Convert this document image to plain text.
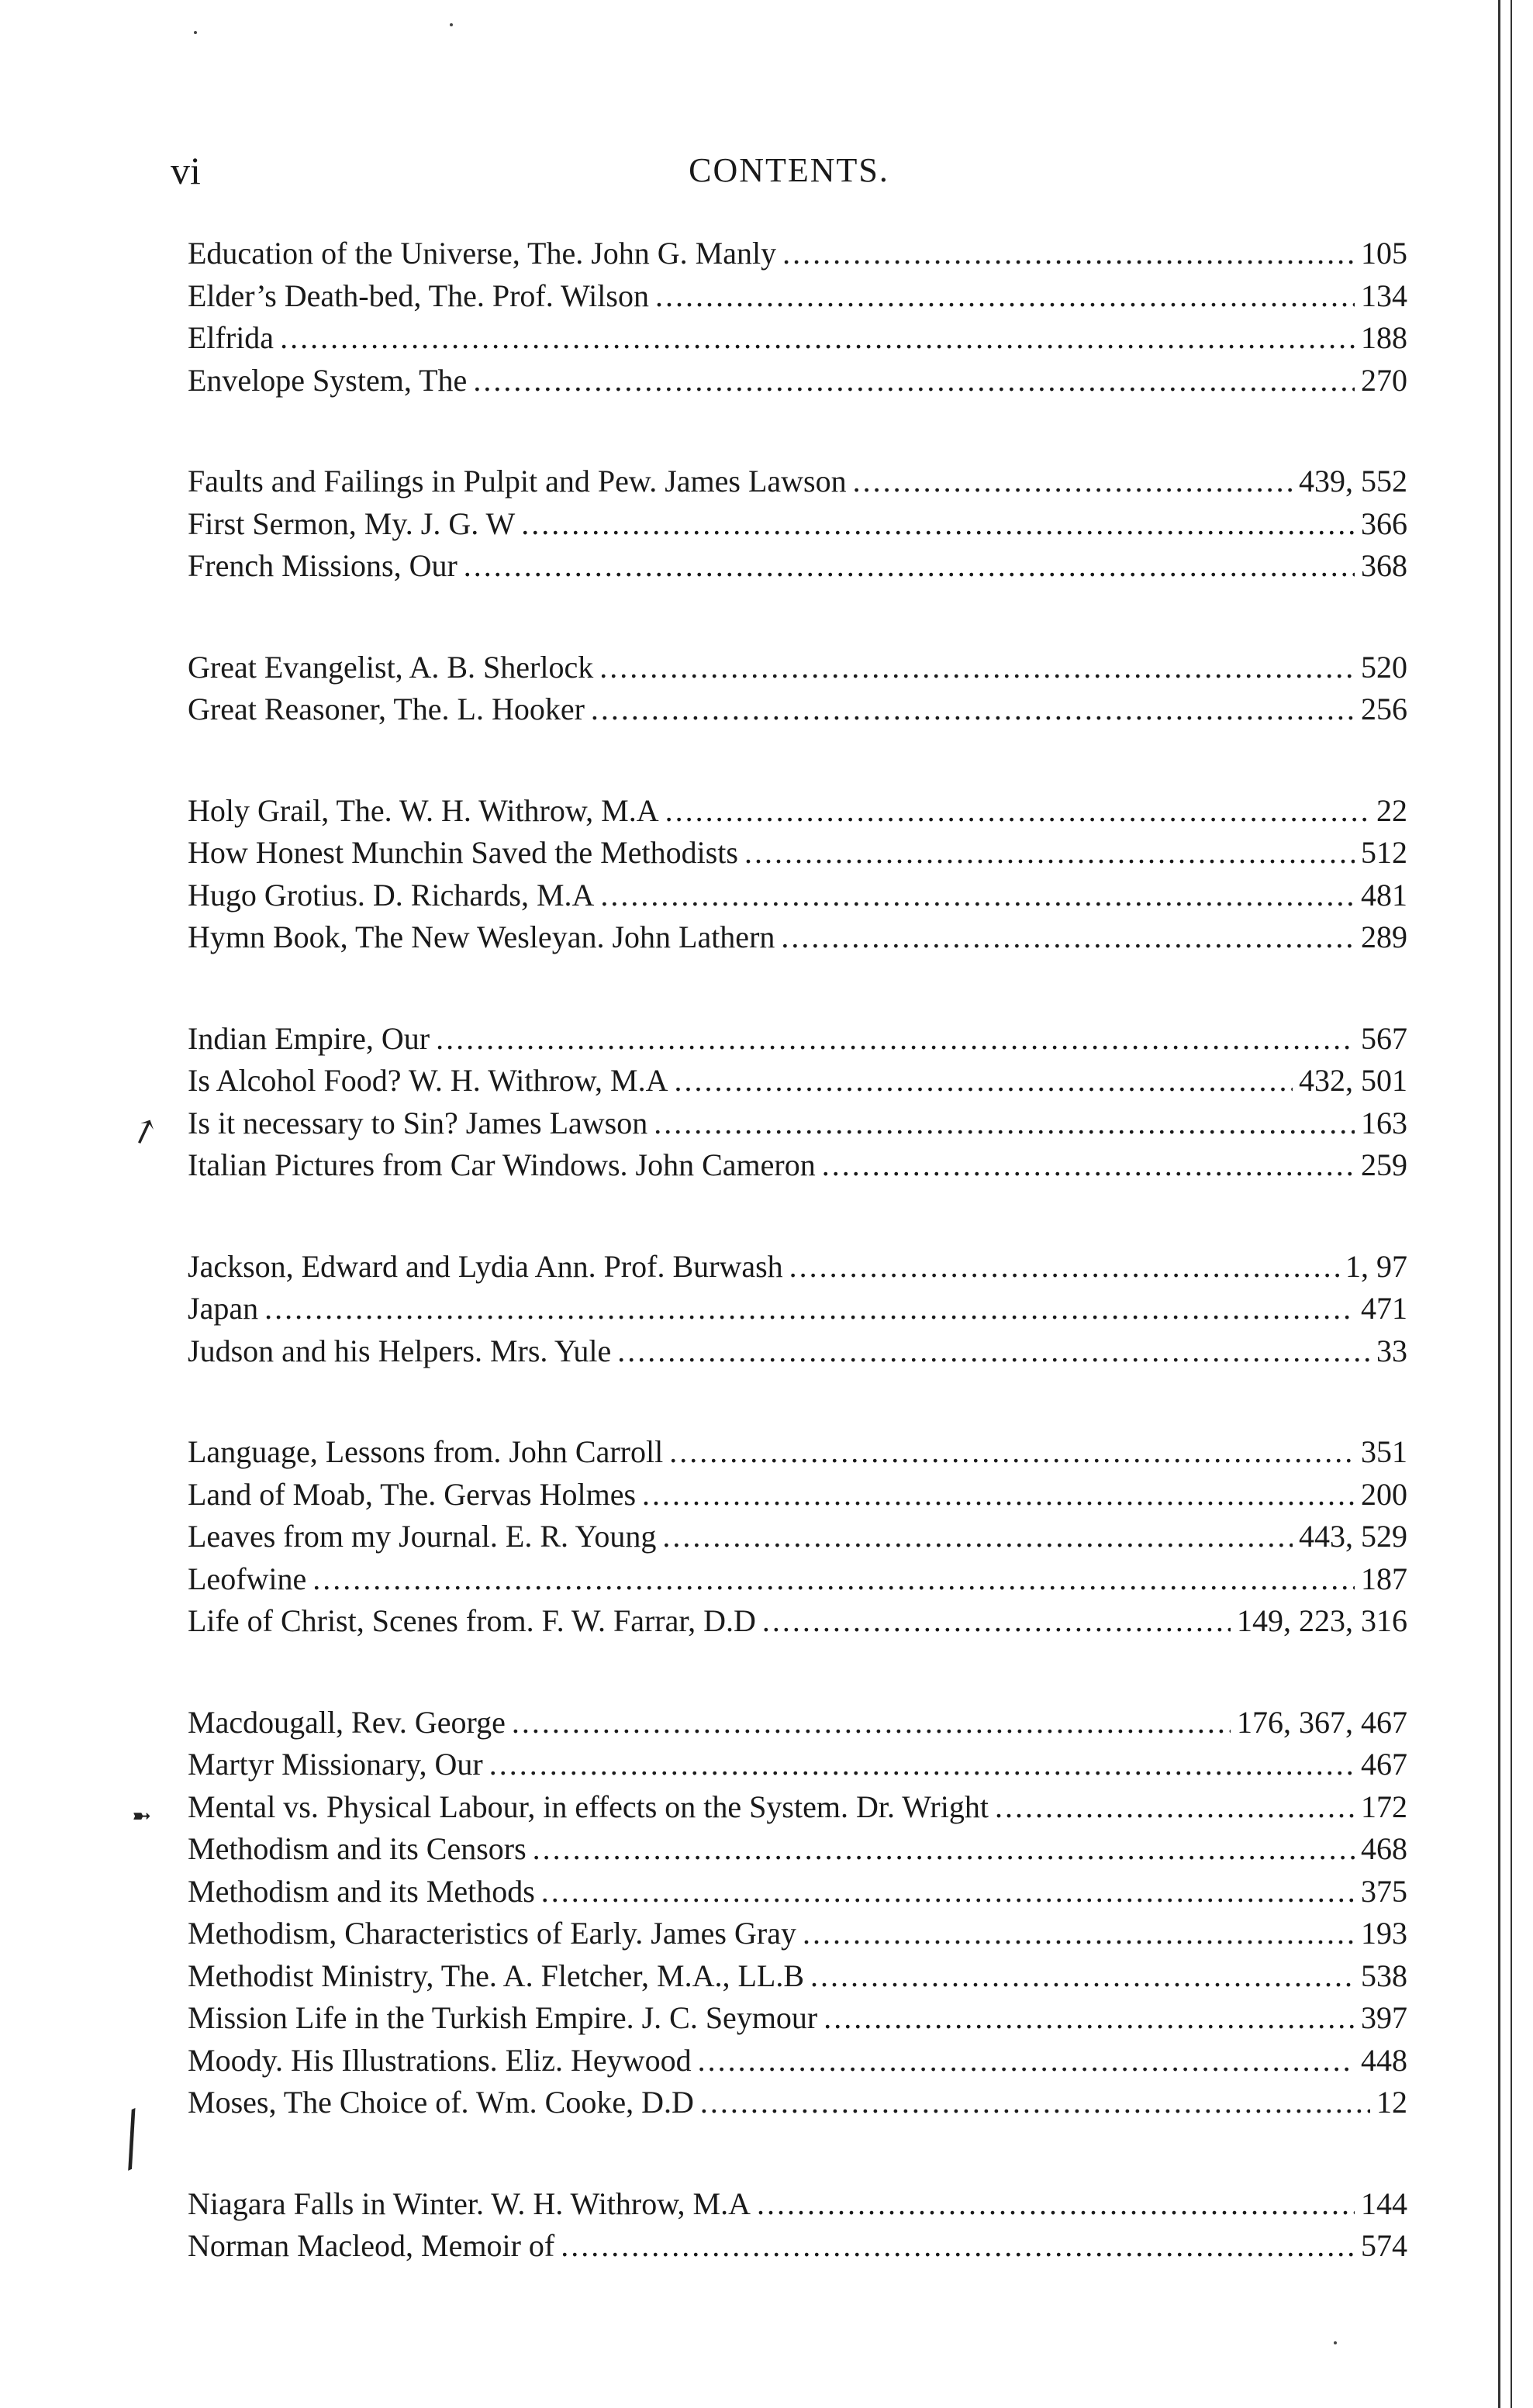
vi	CONTENTS.
Education of the Universe, The. John G. Manly .....	105
Elder’s Death-bed, The. Prof. Wilson .....	134
Elfrida .....	188
Envelope System, The .....	270
Faults and Failings in Pulpit and Pew. James Lawson .....	439, 552
First Sermon, My. J. G. W .....	366
French Missions, Our .....	368
Great Evangelist, A. B. Sherlock .....	520
Great Reasoner, The. L. Hooker .....	256
Holy Grail, The. W. H. Withrow, M.A .....	22
How Honest Munchin Saved the Methodists .....	512
Hugo Grotius. D. Richards, M.A .....	481
Hymn Book, The New Wesleyan. John Lathern .....	289
Indian Empire, Our .....	567
Is Alcohol Food? W. H. Withrow, M.A .....	432, 501
Is it necessary to Sin? James Lawson .....	163
Italian Pictures from Car Windows. John Cameron .....	259
Jackson, Edward and Lydia Ann. Prof. Burwash .....	1, 97
Japan .....	471
Judson and his Helpers. Mrs. Yule .....	33
Language, Lessons from. John Carroll .....	351
Land of Moab, The. Gervas Holmes .....	200
Leaves from my Journal. E. R. Young .....	443, 529
Leofwine .....	187
Life of Christ, Scenes from. F. W. Farrar, D.D .....	149, 223, 316
Macdougall, Rev. George .....	176, 367, 467
Martyr Missionary, Our .....	467
Mental vs. Physical Labour, in effects on the System. Dr. Wright .....	172
Methodism and its Censors .....	468
Methodism and its Methods .....	375
Methodism, Characteristics of Early. James Gray .....	193
Methodist Ministry, The. A. Fletcher, M.A., LL.B .....	538
Mission Life in the Turkish Empire. J. C. Seymour .....	397
Moody. His Illustrations. Eliz. Heywood .....	448
Moses, The Choice of. Wm. Cooke, D.D .....	12
Niagara Falls in Winter. W. H. Withrow, M.A .....	144
Norman Macleod, Memoir of .....	574
↗
➼
╱
